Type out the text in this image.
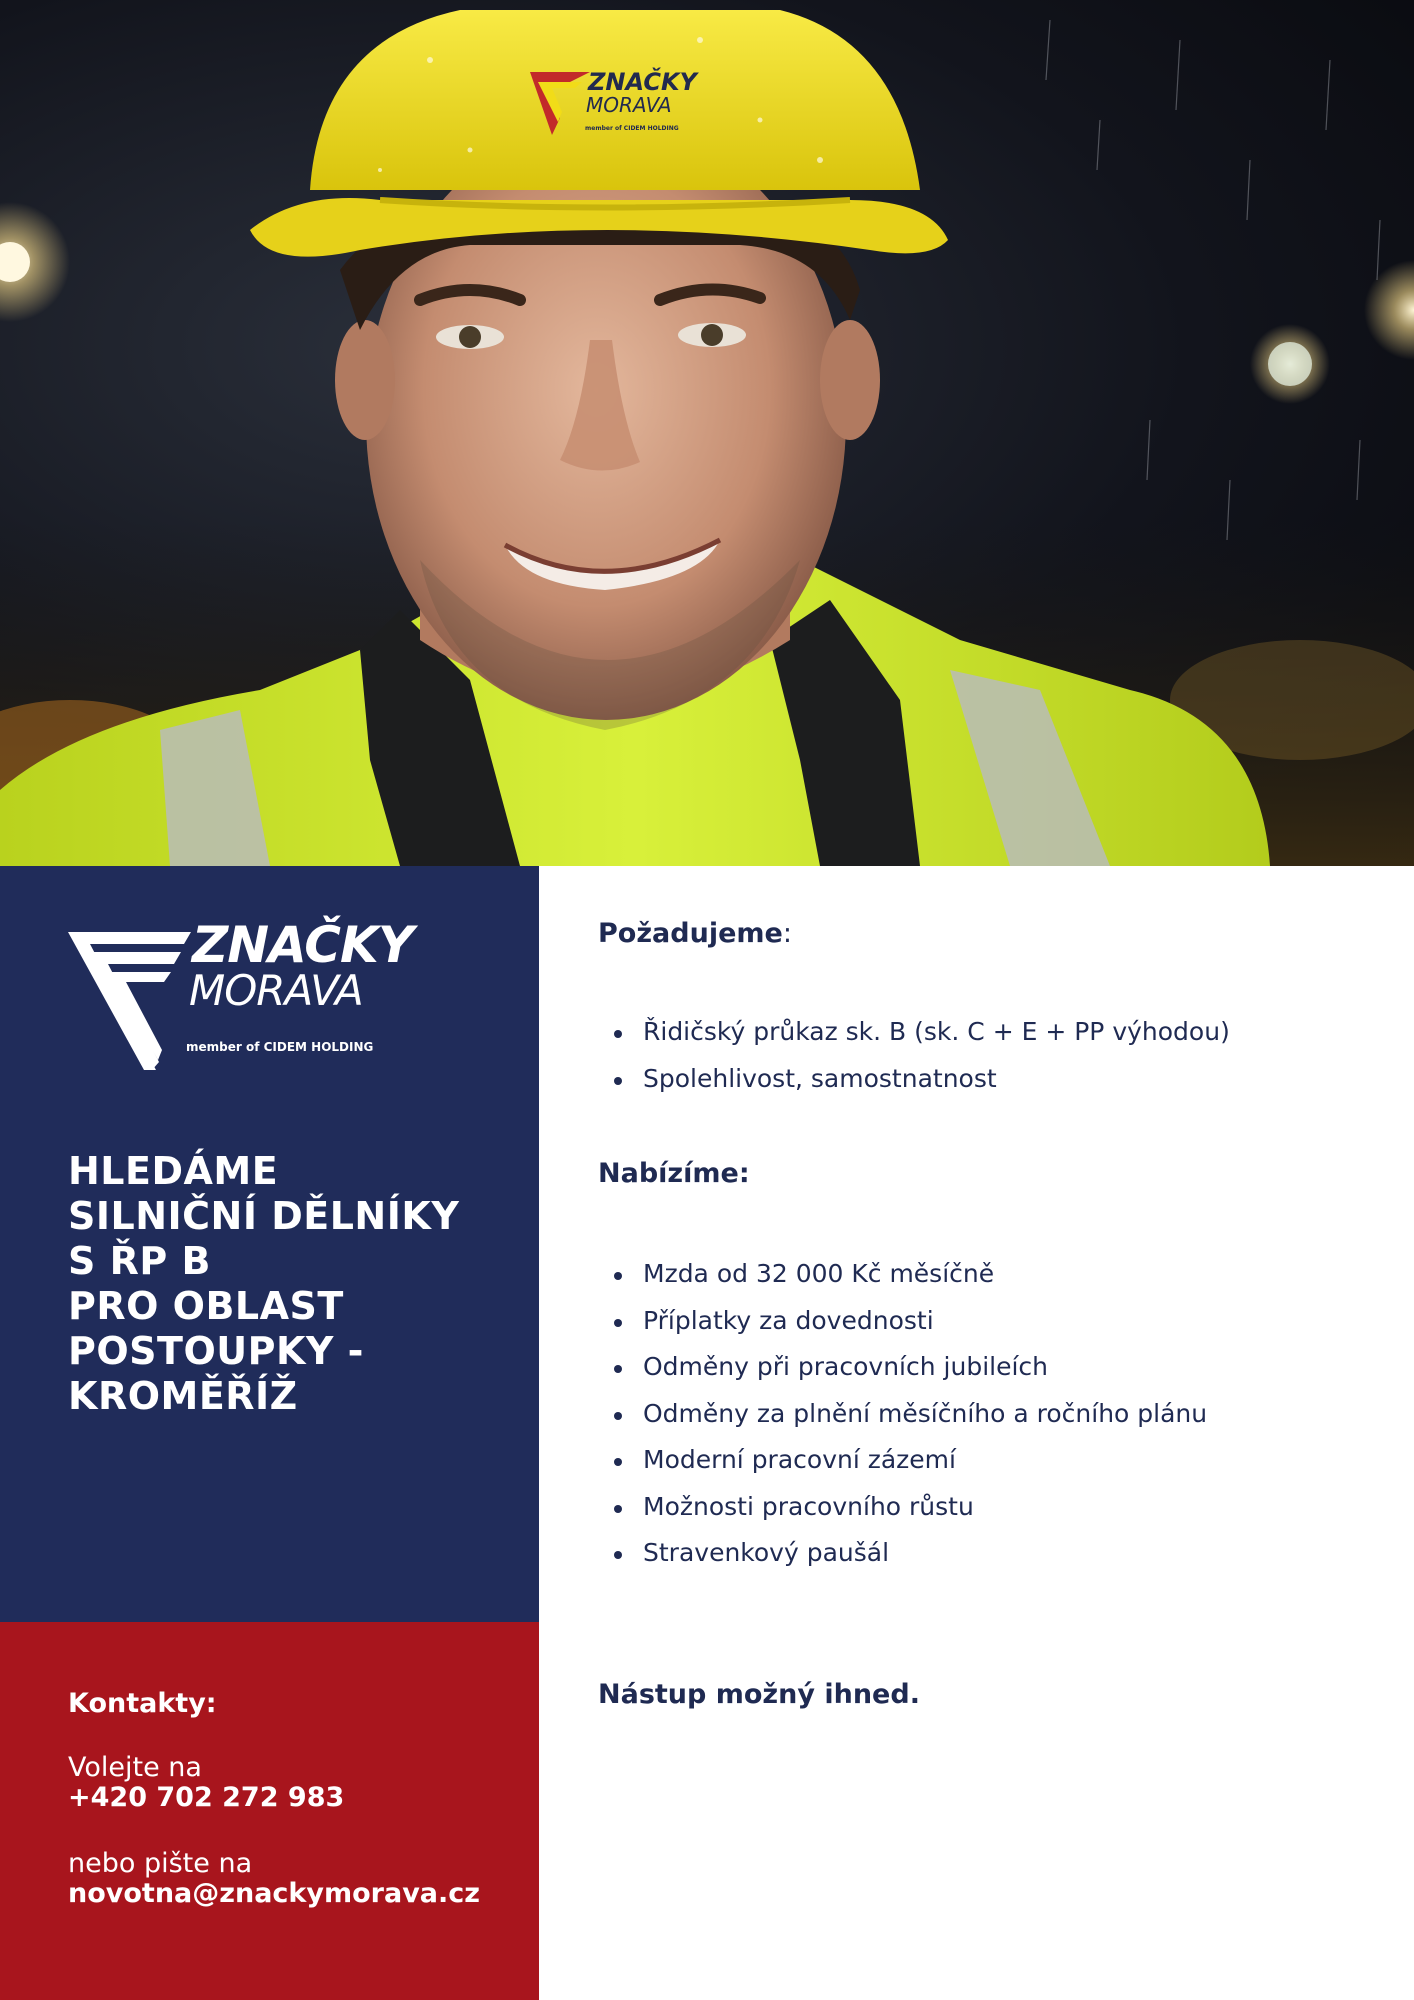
ZNAČKY
MORAVA
member of CIDEM HOLDING
ZNAČKY
MORAVA
member of CIDEM HOLDING
HLEDÁME
SILNIČNÍ DĚLNÍKY
S ŘP B
PRO OBLAST
POSTOUPKY -
KROMĚŘÍŽ
Kontakty:
Volejte na
+420 702 272 983
nebo pište na
novotna@znackymorava.cz
Požadujeme:
Řidičský průkaz sk. B (sk. C + E + PP výhodou)
Spolehlivost, samostnatnost
Nabízíme:
Mzda od 32 000 Kč měsíčně
Příplatky za dovednosti
Odměny při pracovních jubileích
Odměny za plnění měsíčního a ročního plánu
Moderní pracovní zázemí
Možnosti pracovního růstu
Stravenkový paušál
Nástup možný ihned.
